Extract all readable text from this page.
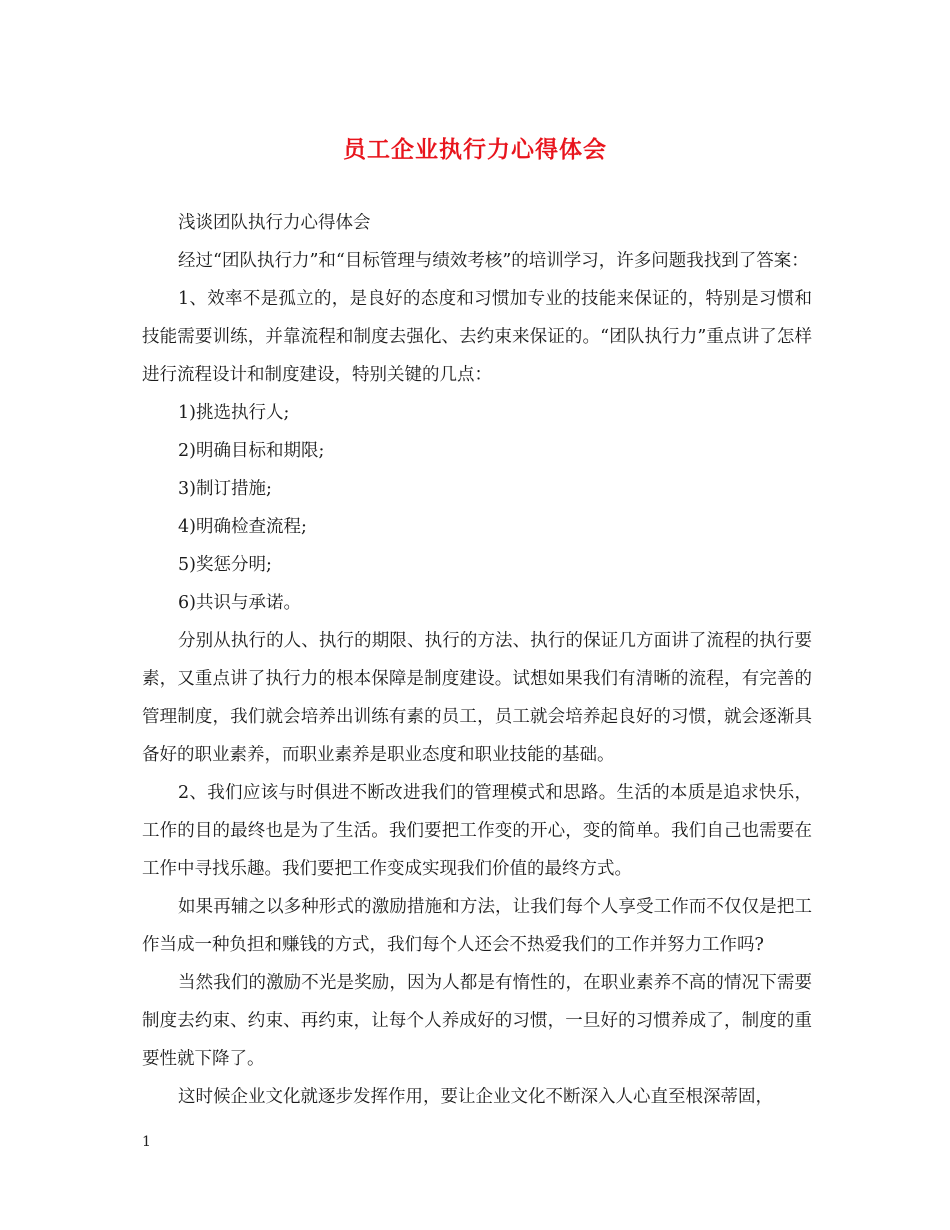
员工企业执行力心得体会

浅谈团队执行力心得体会

经过“团队执行力”和“目标管理与绩效考核”的培训学习，许多问题我找到了答案：

1、效率不是孤立的，是良好的态度和习惯加专业的技能来保证的，特别是习惯和技能需要训练，并靠流程和制度去强化、去约束来保证的。“团队执行力”重点讲了怎样进行流程设计和制度建设，特别关键的几点：

1)挑选执行人;

2)明确目标和期限;

3)制订措施;

4)明确检查流程;

5)奖惩分明;

6)共识与承诺。

分别从执行的人、执行的期限、执行的方法、执行的保证几方面讲了流程的执行要素，又重点讲了执行力的根本保障是制度建设。试想如果我们有清晰的流程，有完善的管理制度，我们就会培养出训练有素的员工，员工就会培养起良好的习惯，就会逐渐具备好的职业素养，而职业素养是职业态度和职业技能的基础。

2、我们应该与时俱进不断改进我们的管理模式和思路。生活的本质是追求快乐，工作的目的最终也是为了生活。我们要把工作变的开心，变的简单。我们自己也需要在工作中寻找乐趣。我们要把工作变成实现我们价值的最终方式。

如果再辅之以多种形式的激励措施和方法，让我们每个人享受工作而不仅仅是把工作当成一种负担和赚钱的方式，我们每个人还会不热爱我们的工作并努力工作吗?

当然我们的激励不光是奖励，因为人都是有惰性的，在职业素养不高的情况下需要制度去约束、约束、再约束，让每个人养成好的习惯，一旦好的习惯养成了，制度的重要性就下降了。

这时候企业文化就逐步发挥作用，要让企业文化不断深入人心直至根深蒂固，

1
